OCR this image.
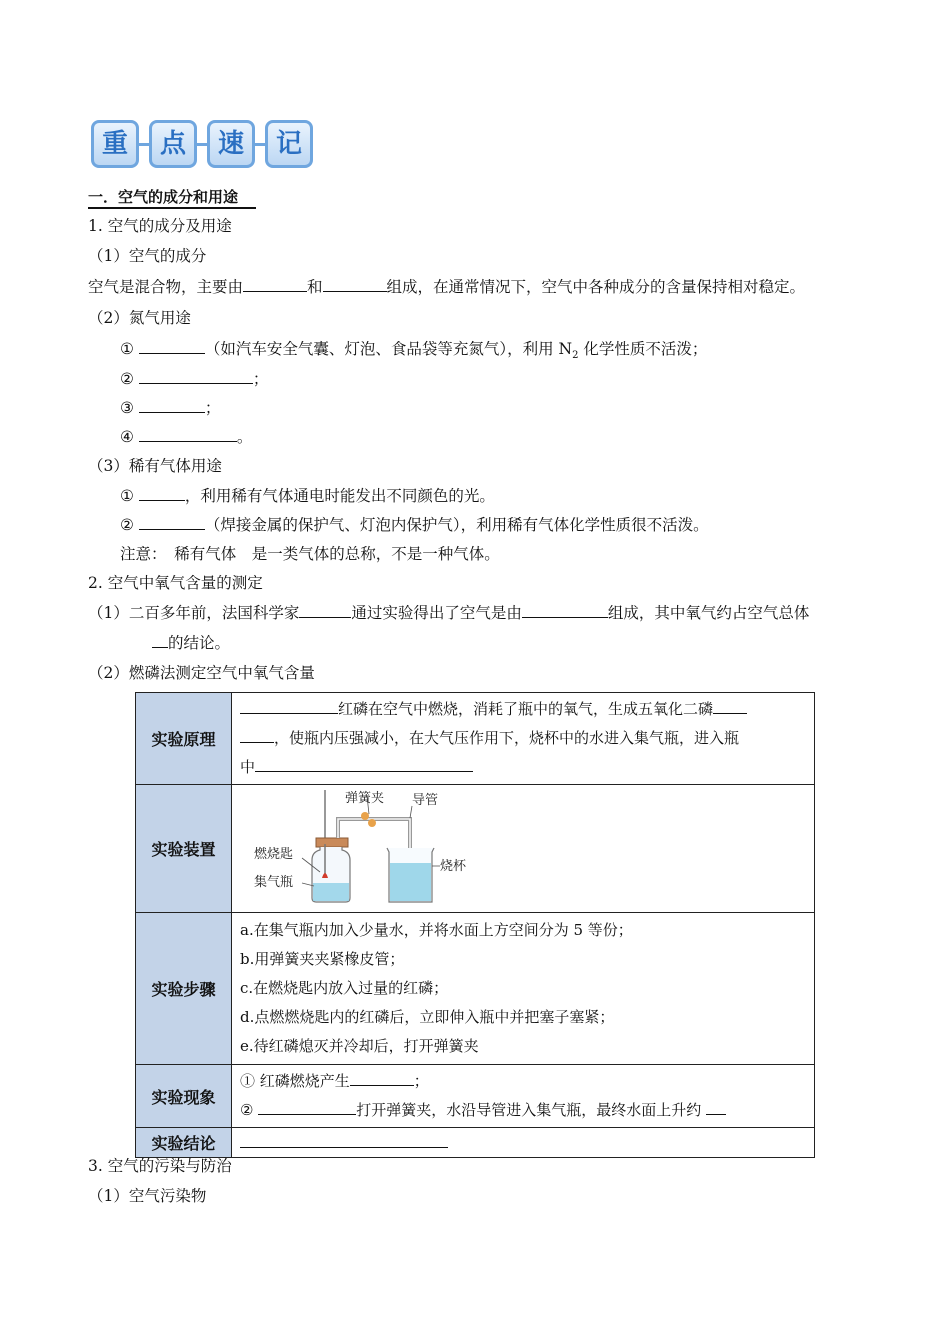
重	点	速	记
一．空气的成分和用途
1. 空气的成分及用途
（1）空气的成分
空气是混合物，主要由	和	组成，在通常情况下，空气中各种成分的含量保持相对稳定。
（2）氮气用途
①	（如汽车安全气囊、灯泡、食品袋等充氮气），利用 $N_2$ 化学性质不活泼；
②	；
③	；
④	。
（3）稀有气体用途
①	，利用稀有气体通电时能发出不同颜色的光。
②	（焊接金属的保护气、灯泡内保护气），利用稀有气体化学性质很不活泼。
注意：　稀有气体　是一类气体的总称，不是一种气体。
2. 空气中氧气含量的测定
（1）二百多年前，法国科学家	通过实验得出了空气是由	组成，其中氧气约占空气总体
的结论。
（2）燃磷法测定空气中氧气含量
实验原理	红磷在空气中燃烧，消耗了瓶中的氧气，生成五氧化二磷
，使瓶内压强减小，在大气压作用下，烧杯中的水进入集气瓶，进入瓶
中
实验装置	弹簧夹 导管
燃烧匙
集气瓶
烧杯

实验步骤	a.在集气瓶内加入少量水，并将水面上方空间分为 5 等份；
b.用弹簧夹夹紧橡皮管；
c.在燃烧匙内放入过量的红磷；
d.点燃燃烧匙内的红磷后，立即伸入瓶中并把塞子塞紧；
e.待红磷熄灭并冷却后，打开弹簧夹

实验现象	① 红磷燃烧产生 ；
② 打开弹簧夹，水沿导管进入集气瓶，最终水面上升约

实验结论	
3. 空气的污染与防治
（1）空气污染物
